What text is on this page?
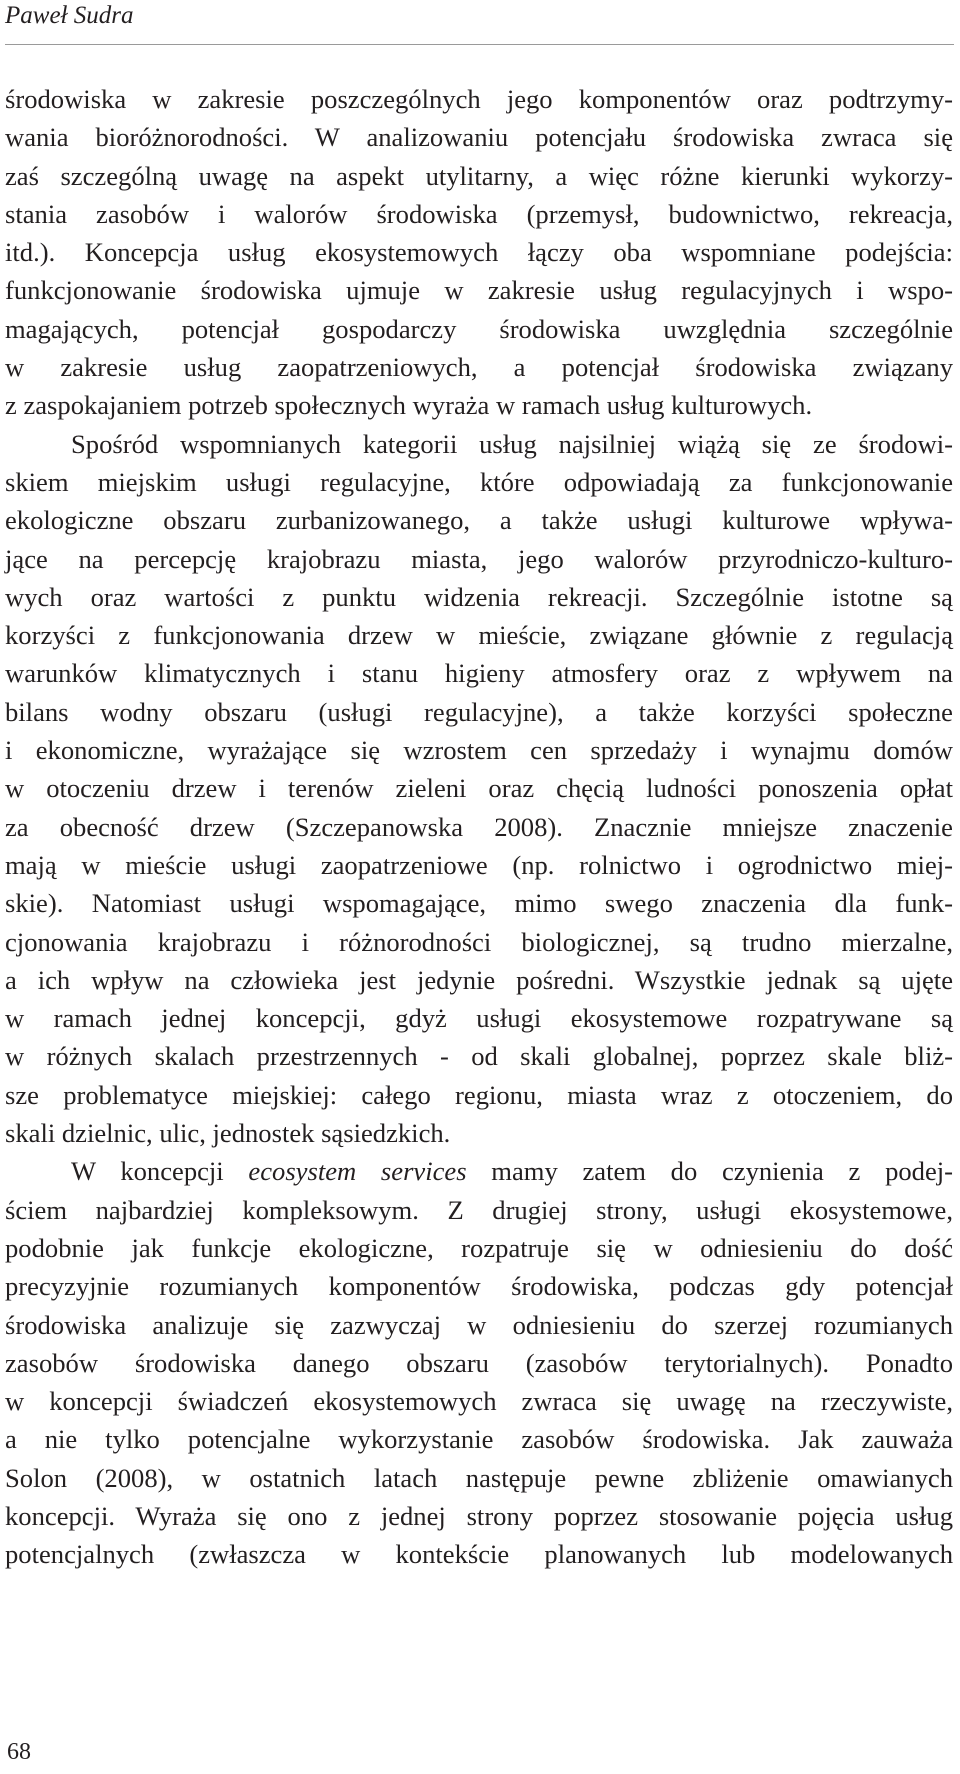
Paweł Sudra
środowiska w zakresie poszczególnych jego komponentów oraz podtrzymy-
wania bioróżnorodności. W analizowaniu potencjału środowiska zwraca się
zaś szczególną uwagę na aspekt utylitarny, a więc różne kierunki wykorzy-
stania zasobów i walorów środowiska (przemysł, budownictwo, rekreacja,
itd.). Koncepcja usług ekosystemowych łączy oba wspomniane podejścia:
funkcjonowanie środowiska ujmuje w zakresie usług regulacyjnych i wspo-
magających, potencjał gospodarczy środowiska uwzględnia szczególnie
w zakresie usług zaopatrzeniowych, a potencjał środowiska związany
z zaspokajaniem potrzeb społecznych wyraża w ramach usług kulturowych.
Spośród wspomnianych kategorii usług najsilniej wiążą się ze środowi-
skiem miejskim usługi regulacyjne, które odpowiadają za funkcjonowanie
ekologiczne obszaru zurbanizowanego, a także usługi kulturowe wpływa-
jące na percepcję krajobrazu miasta, jego walorów przyrodniczo-kulturo-
wych oraz wartości z punktu widzenia rekreacji. Szczególnie istotne są
korzyści z funkcjonowania drzew w mieście, związane głównie z regulacją
warunków klimatycznych i stanu higieny atmosfery oraz z wpływem na
bilans wodny obszaru (usługi regulacyjne), a także korzyści społeczne
i ekonomiczne, wyrażające się wzrostem cen sprzedaży i wynajmu domów
w otoczeniu drzew i terenów zieleni oraz chęcią ludności ponoszenia opłat
za obecność drzew (Szczepanowska 2008). Znacznie mniejsze znaczenie
mają w mieście usługi zaopatrzeniowe (np. rolnictwo i ogrodnictwo miej-
skie). Natomiast usługi wspomagające, mimo swego znaczenia dla funk-
cjonowania krajobrazu i różnorodności biologicznej, są trudno mierzalne,
a ich wpływ na człowieka jest jedynie pośredni. Wszystkie jednak są ujęte
w ramach jednej koncepcji, gdyż usługi ekosystemowe rozpatrywane są
w różnych skalach przestrzennych - od skali globalnej, poprzez skale bliż-
sze problematyce miejskiej: całego regionu, miasta wraz z otoczeniem, do
skali dzielnic, ulic, jednostek sąsiedzkich.
W koncepcji ecosystem services mamy zatem do czynienia z podej-
ściem najbardziej kompleksowym. Z drugiej strony, usługi ekosystemowe,
podobnie jak funkcje ekologiczne, rozpatruje się w odniesieniu do dość
precyzyjnie rozumianych komponentów środowiska, podczas gdy potencjał
środowiska analizuje się zazwyczaj w odniesieniu do szerzej rozumianych
zasobów środowiska danego obszaru (zasobów terytorialnych). Ponadto
w koncepcji świadczeń ekosystemowych zwraca się uwagę na rzeczywiste,
a nie tylko potencjalne wykorzystanie zasobów środowiska. Jak zauważa
Solon (2008), w ostatnich latach następuje pewne zbliżenie omawianych
koncepcji. Wyraża się ono z jednej strony poprzez stosowanie pojęcia usług
potencjalnych (zwłaszcza w kontekście planowanych lub modelowanych
68
